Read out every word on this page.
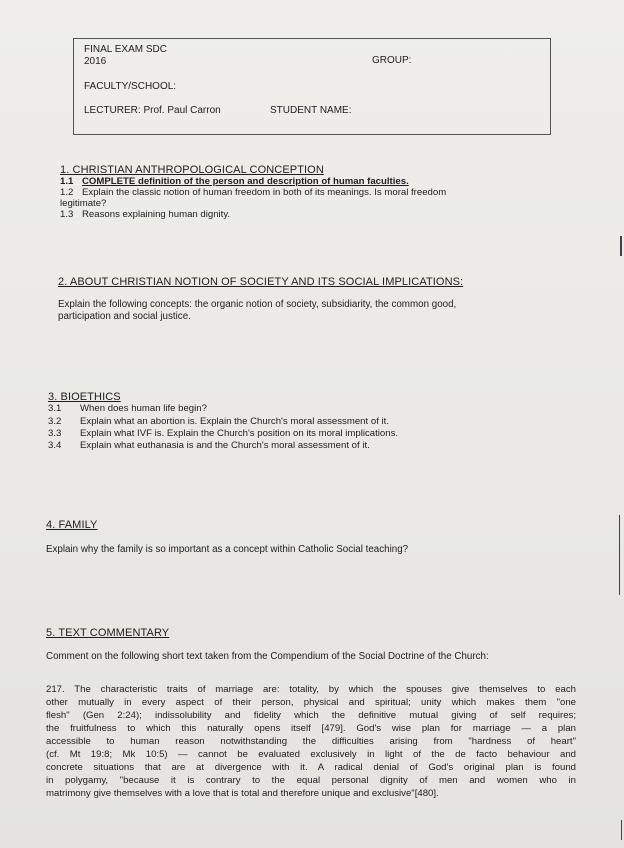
FINAL EXAM SDC
2016	GROUP:
FACULTY/SCHOOL:
LECTURER: Prof. Paul Carron	STUDENT NAME:
1. CHRISTIAN ANTHROPOLOGICAL CONCEPTION
1.1 COMPLETE definition of the person and description of human faculties.
1.2 Explain the classic notion of human freedom in both of its meanings. Is moral freedom
legitimate?
1.3 Reasons explaining human dignity.
2. ABOUT CHRISTIAN NOTION OF SOCIETY AND ITS SOCIAL IMPLICATIONS:
Explain the following concepts: the organic notion of society, subsidiarity, the common good,
participation and social justice.
3. BIOETHICS
3.1 When does human life begin?
3.2 Explain what an abortion is. Explain the Church's moral assessment of it.
3.3 Explain what IVF is. Explain the Church's position on its moral implications.
3.4 Explain what euthanasia is and the Church's moral assessment of it.
4. FAMILY
Explain why the family is so important as a concept within Catholic Social teaching?
5. TEXT COMMENTARY
Comment on the following short text taken from the Compendium of the Social Doctrine of the Church:
217. The characteristic traits of marriage are: totality, by which the spouses give themselves to each
other mutually in every aspect of their person, physical and spiritual; unity which makes them "one
flesh" (Gen 2:24); indissolubility and fidelity which the definitive mutual giving of self requires;
the fruitfulness to which this naturally opens itself [479]. God's wise plan for marriage — a plan
accessible to human reason notwithstanding the difficulties arising from "hardness of heart"
(cf. Mt 19:8; Mk 10:5) — cannot be evaluated exclusively in light of the de facto behaviour and
concrete situations that are at divergence with it. A radical denial of God's original plan is found
in polygamy, "because it is contrary to the equal personal dignity of men and women who in
matrimony give themselves with a love that is total and therefore unique and exclusive"[480].
